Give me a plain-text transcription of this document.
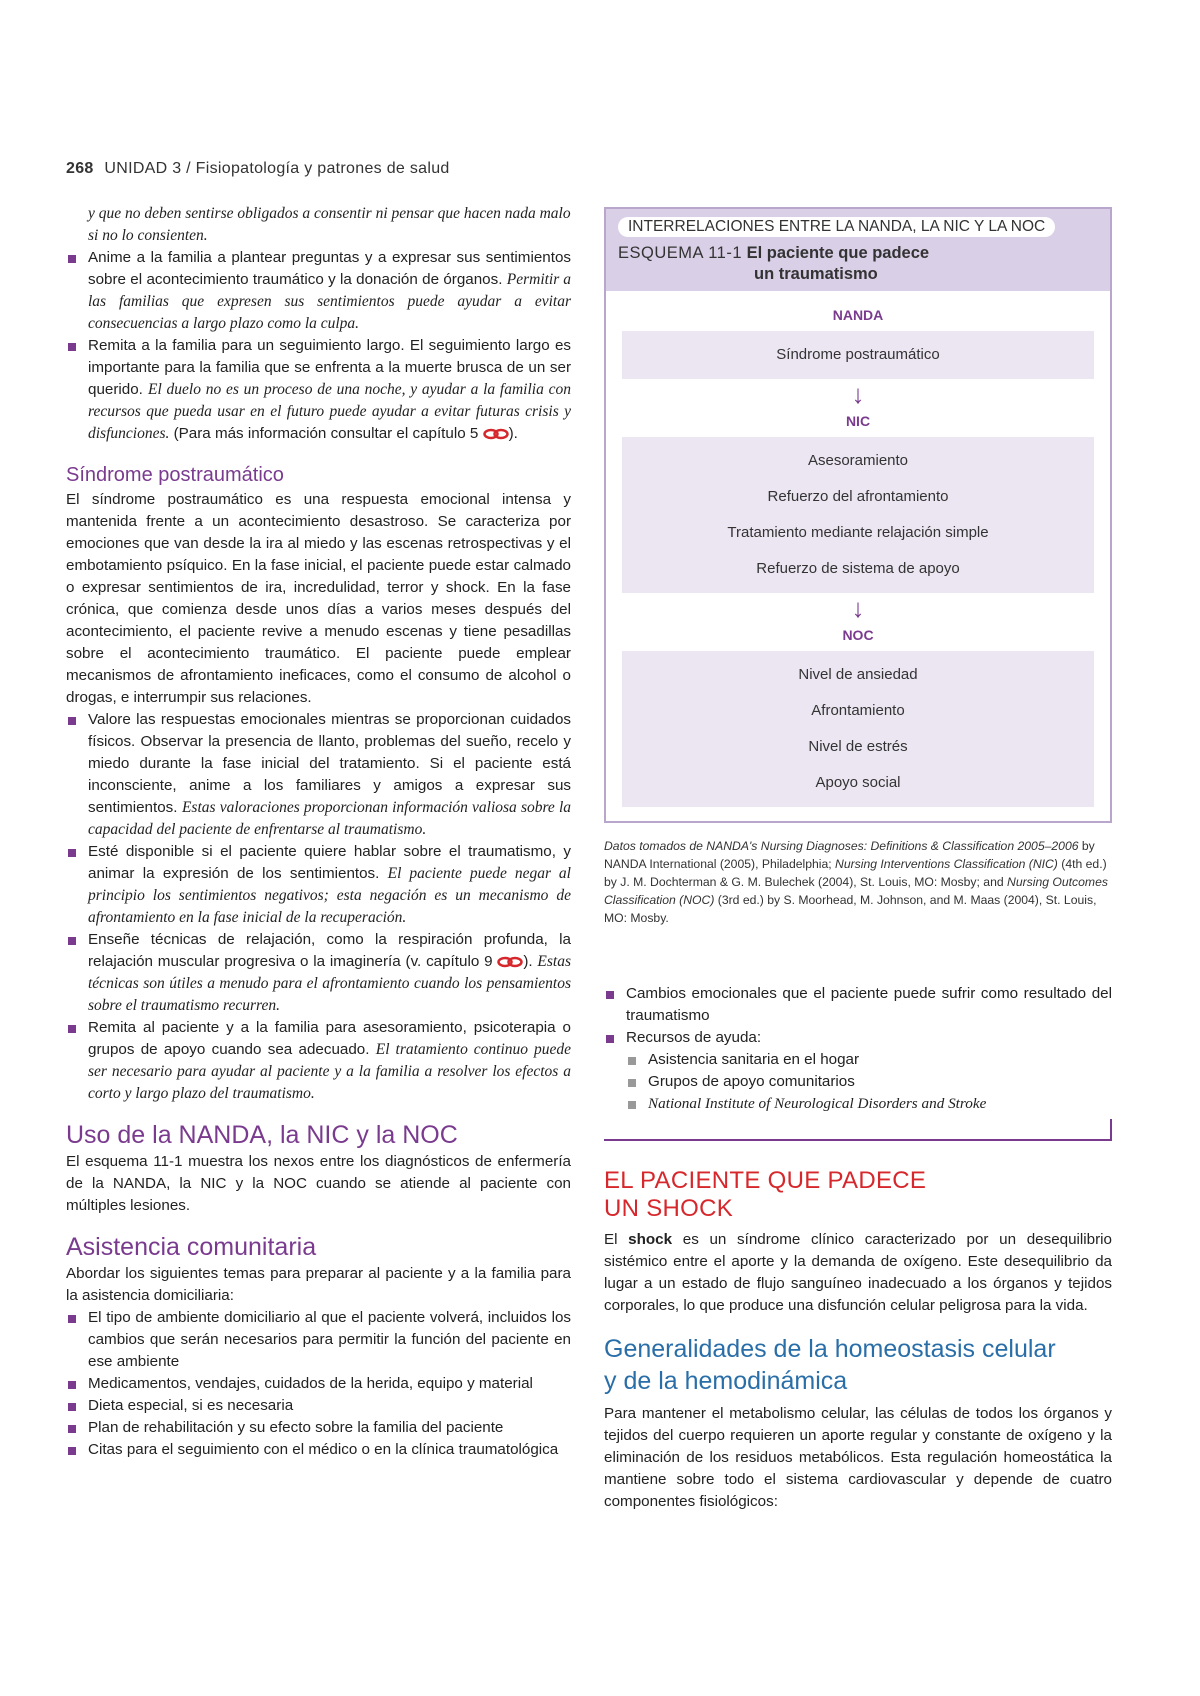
268 UNIDAD 3 / Fisiopatología y patrones de salud

y que no deben sentirse obligados a consentir ni pensar que hacen nada malo si no lo consienten.

Anime a la familia a plantear preguntas y a expresar sus sentimientos sobre el acontecimiento traumático y la donación de órganos. Permitir a las familias que expresen sus sentimientos puede ayudar a evitar consecuencias a largo plazo como la culpa.
Remita a la familia para un seguimiento largo. El seguimiento largo es importante para la familia que se enfrenta a la muerte brusca de un ser querido. El duelo no es un proceso de una noche, y ayudar a la familia con recursos que pueda usar en el futuro puede ayudar a evitar futuras crisis y disfunciones. (Para más información consultar el capítulo 5 ).
Síndrome postraumático

El síndrome postraumático es una respuesta emocional intensa y mantenida frente a un acontecimiento desastroso. Se caracteriza por emociones que van desde la ira al miedo y las escenas retrospectivas y el embotamiento psíquico. En la fase inicial, el paciente puede estar calmado o expresar sentimientos de ira, incredulidad, terror y shock. En la fase crónica, que comienza desde unos días a varios meses después del acontecimiento, el paciente revive a menudo escenas y tiene pesadillas sobre el acontecimiento traumático. El paciente puede emplear mecanismos de afrontamiento ineficaces, como el consumo de alcohol o drogas, e interrumpir sus relaciones.

Valore las respuestas emocionales mientras se proporcionan cuidados físicos. Observar la presencia de llanto, problemas del sueño, recelo y miedo durante la fase inicial del tratamiento. Si el paciente está inconsciente, anime a los familiares y amigos a expresar sus sentimientos. Estas valoraciones proporcionan información valiosa sobre la capacidad del paciente de enfrentarse al traumatismo.
Esté disponible si el paciente quiere hablar sobre el traumatismo, y animar la expresión de los sentimientos. El paciente puede negar al principio los sentimientos negativos; esta negación es un mecanismo de afrontamiento en la fase inicial de la recuperación.
Enseñe técnicas de relajación, como la respiración profunda, la relajación muscular progresiva o la imaginería (v. capítulo 9 ). Estas técnicas son útiles a menudo para el afrontamiento cuando los pensamientos sobre el traumatismo recurren.
Remita al paciente y a la familia para asesoramiento, psicoterapia o grupos de apoyo cuando sea adecuado. El tratamiento continuo puede ser necesario para ayudar al paciente y a la familia a resolver los efectos a corto y largo plazo del traumatismo.
Uso de la NANDA, la NIC y la NOC

El esquema 11-1 muestra los nexos entre los diagnósticos de enfermería de la NANDA, la NIC y la NOC cuando se atiende al paciente con múltiples lesiones.

Asistencia comunitaria

Abordar los siguientes temas para preparar al paciente y a la familia para la asistencia domiciliaria:

El tipo de ambiente domiciliario al que el paciente volverá, incluidos los cambios que serán necesarios para permitir la función del paciente en ese ambiente
Medicamentos, vendajes, cuidados de la herida, equipo y material
Dieta especial, si es necesaria
Plan de rehabilitación y su efecto sobre la familia del paciente
Citas para el seguimiento con el médico o en la clínica traumatológica
INTERRELACIONES ENTRE LA NANDA, LA NIC Y LA NOC
ESQUEMA 11-1 El paciente que padece
un traumatismo
NANDA
Síndrome postraumático
↓
NIC
Asesoramiento
Refuerzo del afrontamiento
Tratamiento mediante relajación simple
Refuerzo de sistema de apoyo
↓
NOC
Nivel de ansiedad
Afrontamiento
Nivel de estrés
Apoyo social
Datos tomados de NANDA's Nursing Diagnoses: Definitions & Classification 2005–2006 by NANDA International (2005), Philadelphia; Nursing Interventions Classification (NIC) (4th ed.) by J. M. Dochterman & G. M. Bulechek (2004), St. Louis, MO: Mosby; and Nursing Outcomes Classification (NOC) (3rd ed.) by S. Moorhead, M. Johnson, and M. Maas (2004), St. Louis, MO: Mosby.
Cambios emocionales que el paciente puede sufrir como resultado del traumatismo
Recursos de ayuda:
Asistencia sanitaria en el hogar
Grupos de apoyo comunitarios
National Institute of Neurological Disorders and Stroke
EL PACIENTE QUE PADECE
UN SHOCK

El shock es un síndrome clínico caracterizado por un desequilibrio sistémico entre el aporte y la demanda de oxígeno. Este desequilibrio da lugar a un estado de flujo sanguíneo inadecuado a los órganos y tejidos corporales, lo que produce una disfunción celular peligrosa para la vida.

Generalidades de la homeostasis celular
y de la hemodinámica

Para mantener el metabolismo celular, las células de todos los órganos y tejidos del cuerpo requieren un aporte regular y constante de oxígeno y la eliminación de los residuos metabólicos. Esta regulación homeostática la mantiene sobre todo el sistema cardiovascular y depende de cuatro componentes fisiológicos:
